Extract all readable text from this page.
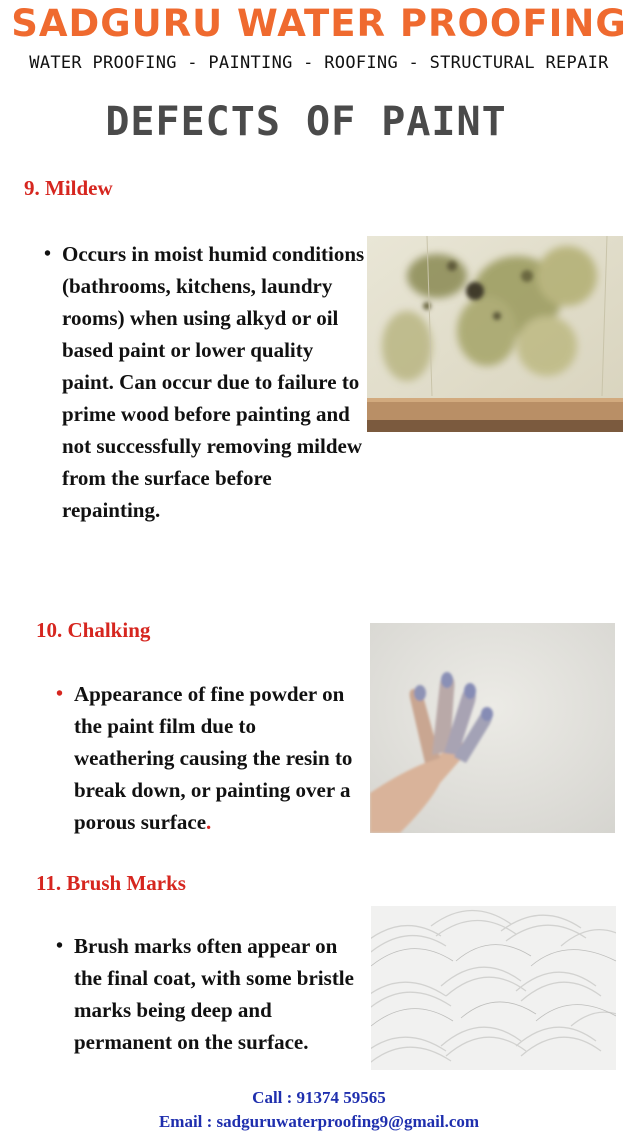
SADGURU WATER PROOFING
WATER PROOFING - PAINTING - ROOFING - STRUCTURAL REPAIR
DEFECTS OF PAINT
9. Mildew
• Occurs in moist humid conditions (bathrooms, kitchens, laundry rooms) when using alkyd or oil based paint or lower quality paint. Can occur due to failure to prime wood before painting and not successfully removing mildew from the surface before repainting.
10. Chalking
• Appearance of fine powder on the paint film due to weathering causing the resin to break down, or painting over a porous surface.
11. Brush Marks
• Brush marks often appear on the final coat, with some bristle marks being deep and permanent on the surface.
Call : 91374 59565
Email : sadguruwaterproofing9@gmail.com
